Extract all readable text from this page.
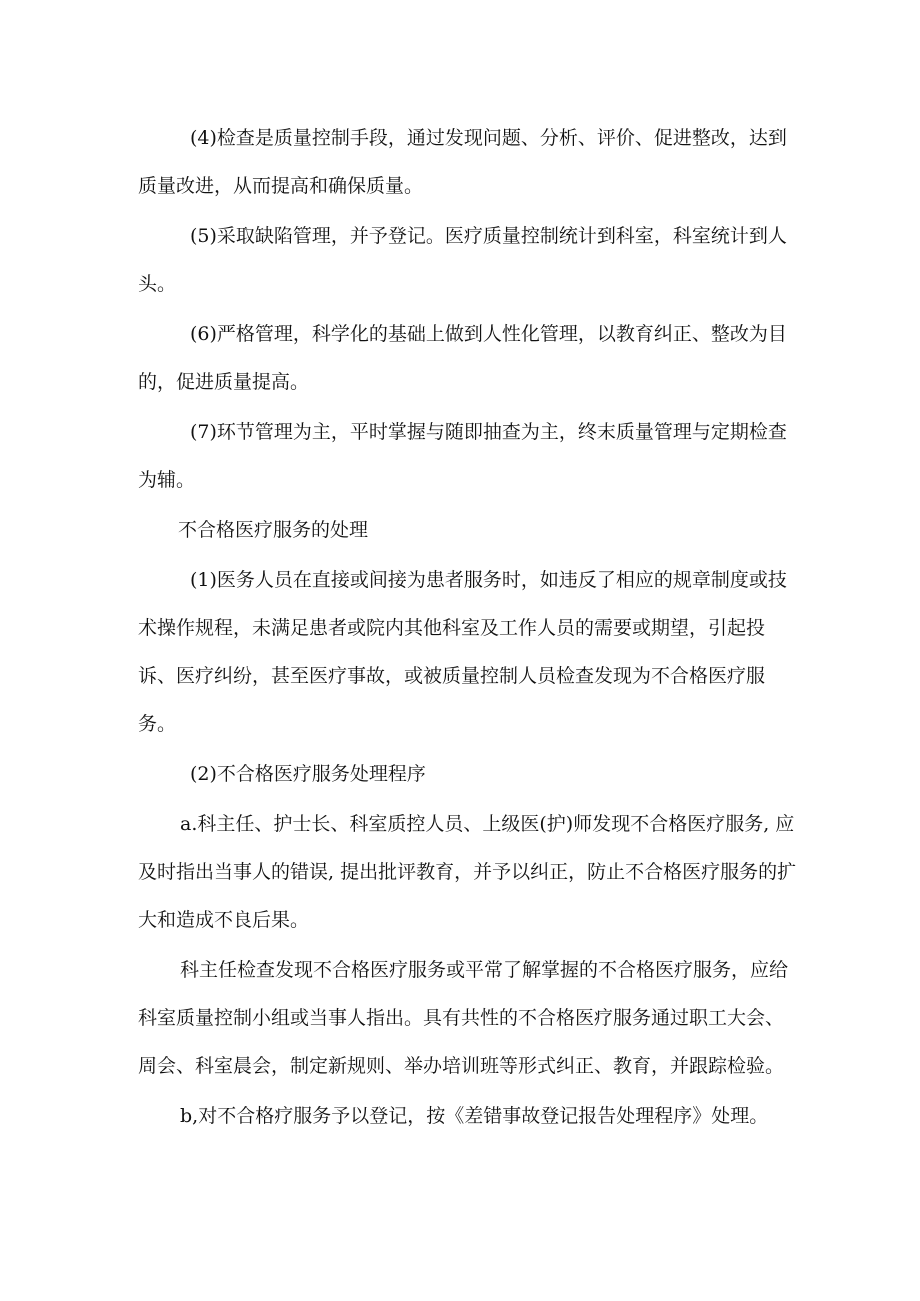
(4)检查是质量控制手段，通过发现问题、分析、评价、促进整改，达到质量改进，从而提高和确保质量。

(5)采取缺陷管理，并予登记。医疗质量控制统计到科室，科室统计到人头。

(6)严格管理，科学化的基础上做到人性化管理，以教育纠正、整改为目的，促进质量提高。

(7)环节管理为主，平时掌握与随即抽查为主，终末质量管理与定期检查为辅。

不合格医疗服务的处理

(1)医务人员在直接或间接为患者服务时，如违反了相应的规章制度或技术操作规程，未满足患者或院内其他科室及工作人员的需要或期望，引起投诉、医疗纠纷，甚至医疗事故，或被质量控制人员检查发现为不合格医疗服务。

(2)不合格医疗服务处理程序

a.科主任、护士长、科室质控人员、上级医(护)师发现不合格医疗服务, 应及时指出当事人的错误, 提出批评教育，并予以纠正，防止不合格医疗服务的扩大和造成不良后果。

科主任检查发现不合格医疗服务或平常了解掌握的不合格医疗服务，应给科室质量控制小组或当事人指出。具有共性的不合格医疗服务通过职工大会、周会、科室晨会，制定新规则、举办培训班等形式纠正、教育，并跟踪检验。

b,对不合格疗服务予以登记，按《差错事故登记报告处理程序》处理。
